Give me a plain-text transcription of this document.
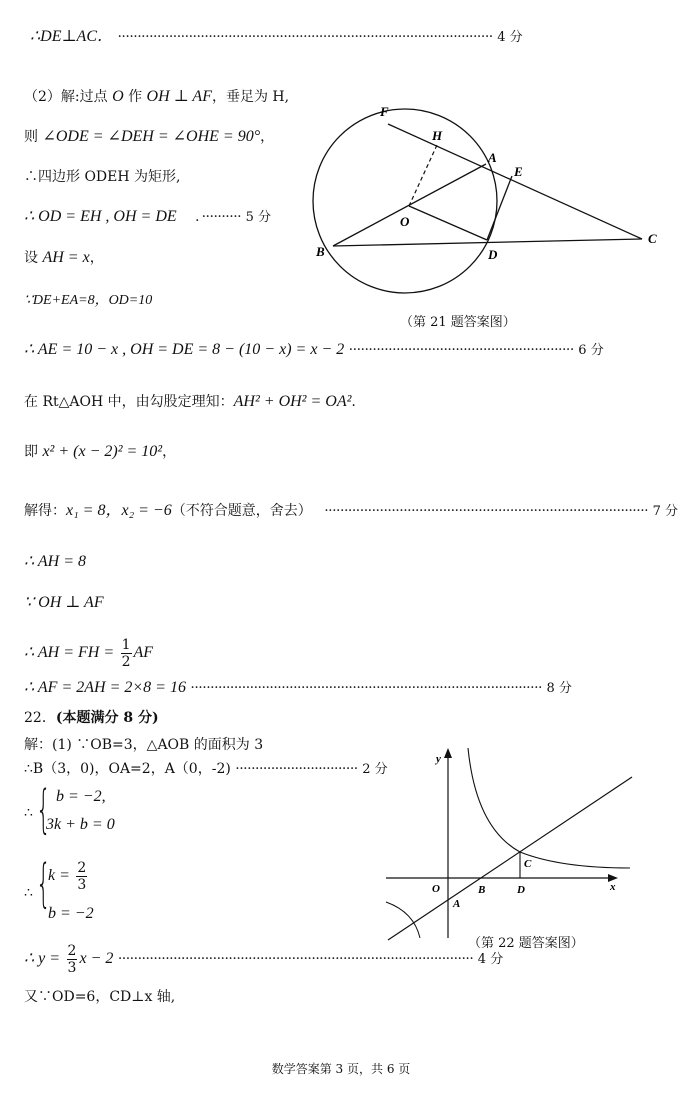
∴DE⊥AC． ······························································································· 4 分
（2）解:过点 O 作 OH ⊥ AF，垂足为 H,
则 ∠ODE = ∠DEH = ∠OHE = 90°，
∴四边形 ODEH 为矩形,
∴ OD = EH , OH = DE ．·········· 5 分
设 AH = x，
∵DE+EA=8，OD=10
∴ AE = 10 − x , OH = DE = 8 − (10 − x) = x − 2 ························································· 6 分
在 Rt△AOH 中，由勾股定理知：AH² + OH² = OA².
即 x² + (x − 2)² = 10²，
解得：x₁ = 8，x₂ = −6（不符合题意，舍去） ·················································································· 7 分
∴ AH = 8
∵ OH ⊥ AF
∴ AH = FH = $\frac{1}{2}$ AF
∴ AF = 2AH = 2×8 = 16 ························································································· 8 分
22．(本题满分 8 分)
解：(1) ∵OB=3，△AOB 的面积为 3
∴B（3，0)，OA=2，A（0，-2) ······························· 2 分
∴ { b = −2,
3k + b = 0
∴ {
$k = \frac{2}{3}$
b = −2
∴ $y = \frac{2}{3}$ x − 2 ·························································································· 4 分
又∵OD=6，CD⊥x 轴,
F
H
A
E
O
B	D
C
（第 21 题答案图）
y
x
O
A
B
C
D
（第 22 题答案图）
数学答案第 3 页，共 6 页
